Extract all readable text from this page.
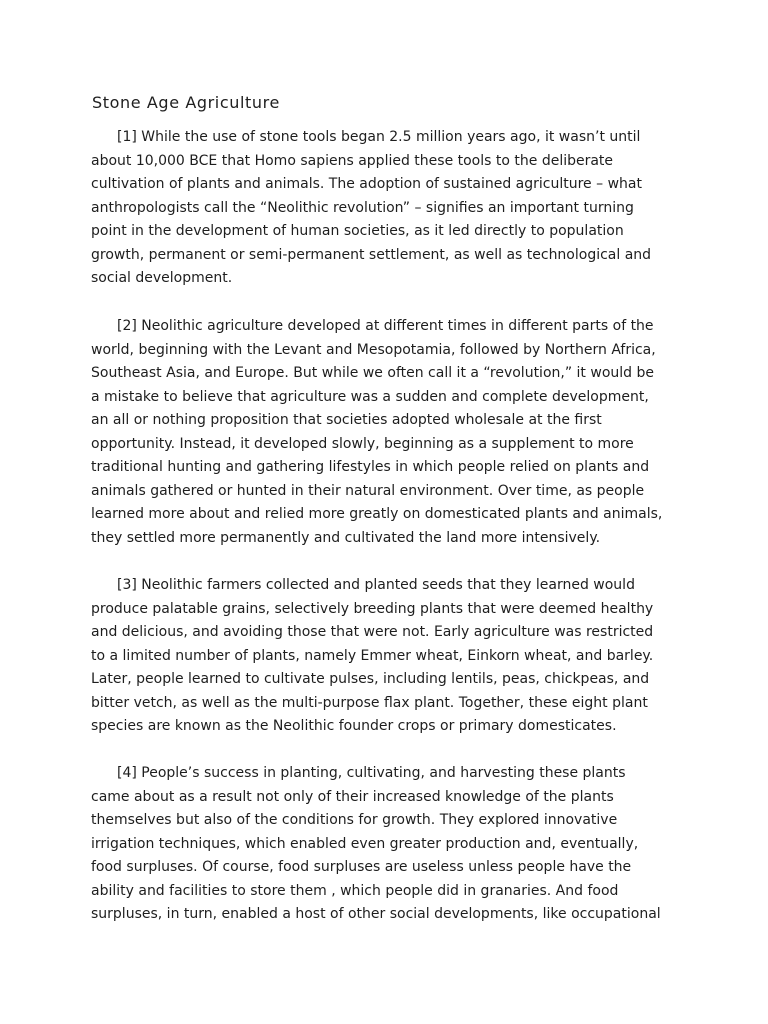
Stone Age Agriculture
[1] While the use of stone tools began 2.5 million years ago, it wasn’t until
about 10,000 BCE that Homo sapiens applied these tools to the deliberate
cultivation of plants and animals. The adoption of sustained agriculture – what
anthropologists call the “Neolithic revolution” – signifies an important turning
point in the development of human societies, as it led directly to population
growth, permanent or semi-permanent settlement, as well as technological and
social development.
[2] Neolithic agriculture developed at different times in different parts of the
world, beginning with the Levant and Mesopotamia, followed by Northern Africa,
Southeast Asia, and Europe. But while we often call it a “revolution,” it would be
a mistake to believe that agriculture was a sudden and complete development,
an all or nothing proposition that societies adopted wholesale at the first
opportunity. Instead, it developed slowly, beginning as a supplement to more
traditional hunting and gathering lifestyles in which people relied on plants and
animals gathered or hunted in their natural environment. Over time, as people
learned more about and relied more greatly on domesticated plants and animals,
they settled more permanently and cultivated the land more intensively.
[3] Neolithic farmers collected and planted seeds that they learned would
produce palatable grains, selectively breeding plants that were deemed healthy
and delicious, and avoiding those that were not. Early agriculture was restricted
to a limited number of plants, namely Emmer wheat, Einkorn wheat, and barley.
Later, people learned to cultivate pulses, including lentils, peas, chickpeas, and
bitter vetch, as well as the multi-purpose flax plant. Together, these eight plant
species are known as the Neolithic founder crops or primary domesticates.
[4] People’s success in planting, cultivating, and harvesting these plants
came about as a result not only of their increased knowledge of the plants
themselves but also of the conditions for growth. They explored innovative
irrigation techniques, which enabled even greater production and, eventually,
food surpluses. Of course, food surpluses are useless unless people have the
ability and facilities to store them , which people did in granaries. And food
surpluses, in turn, enabled a host of other social developments, like occupational
